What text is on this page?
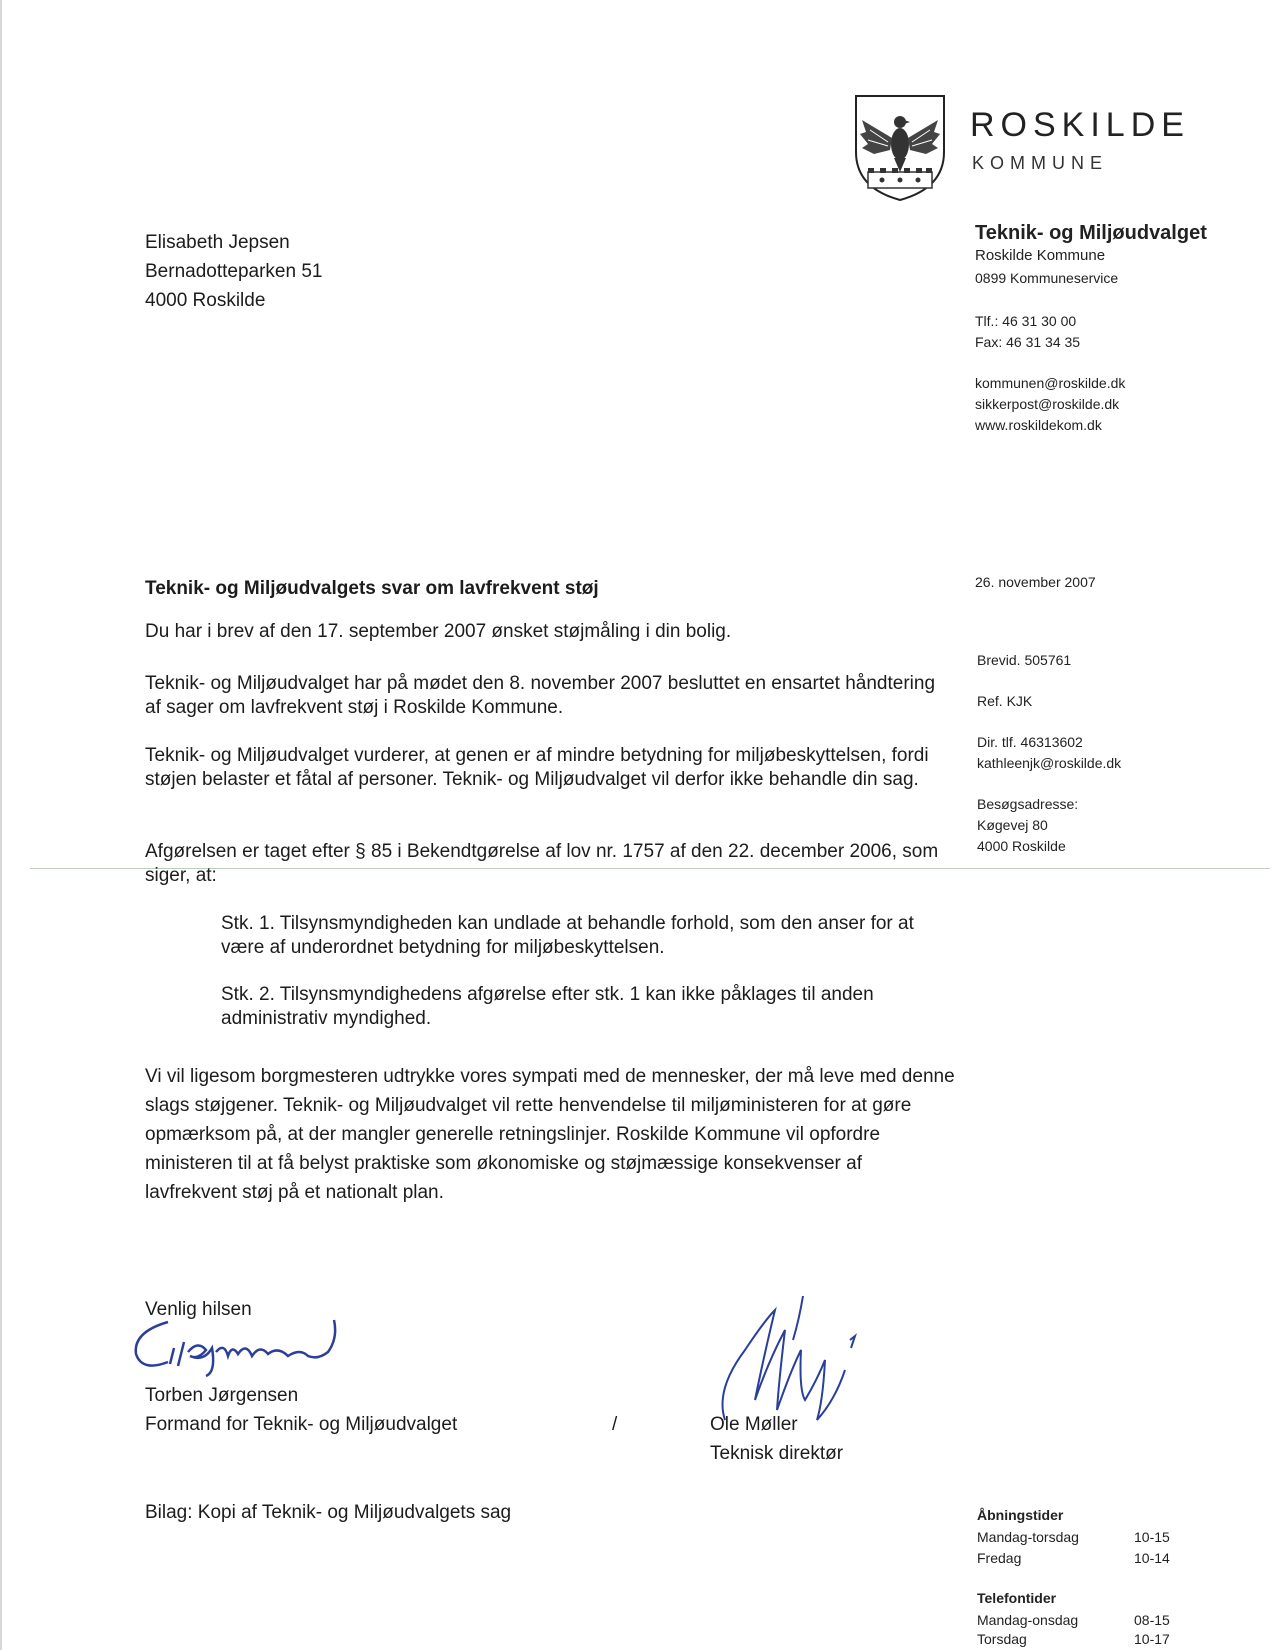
ROSKILDE
KOMMUNE
Elisabeth Jepsen
Bernadotteparken 51
4000 Roskilde
Teknik- og Miljøudvalget
Roskilde Kommune
0899 Kommuneservice
Tlf.: 46 31 30 00
Fax: 46 31 34 35
kommunen@roskilde.dk
sikkerpost@roskilde.dk
www.roskildekom.dk
26. november 2007
Brevid. 505761
Ref. KJK
Dir. tlf. 46313602
kathleenjk@roskilde.dk
Besøgsadresse:
Køgevej 80
4000 Roskilde
Teknik- og Miljøudvalgets svar om lavfrekvent støj
Du har i brev af den 17. september 2007 ønsket støjmåling i din bolig.
Teknik- og Miljøudvalget har på mødet den 8. november 2007 besluttet en ensartet håndtering af sager om lavfrekvent støj i Roskilde Kommune.
Teknik- og Miljøudvalget vurderer, at genen er af mindre betydning for miljøbeskyttelsen, fordi støjen belaster et fåtal af personer. Teknik- og Miljøudvalget vil derfor ikke behandle din sag.
Afgørelsen er taget efter § 85 i Bekendtgørelse af lov nr. 1757 af den 22. december 2006, som siger, at:
Stk. 1. Tilsynsmyndigheden kan undlade at behandle forhold, som den anser for at være af underordnet betydning for miljøbeskyttelsen.
Stk. 2. Tilsynsmyndighedens afgørelse efter stk. 1 kan ikke påklages til anden administrativ myndighed.
Vi vil ligesom borgmesteren udtrykke vores sympati med de mennesker, der må leve med denne slags støjgener. Teknik- og Miljøudvalget vil rette henvendelse til miljøministeren for at gøre opmærksom på, at der mangler generelle retningslinjer. Roskilde Kommune vil opfordre ministeren til at få belyst praktiske som økonomiske og støjmæssige konsekvenser af lavfrekvent støj på et nationalt plan.
Venlig hilsen
Torben Jørgensen
Formand for Teknik- og Miljøudvalget	/	Ole Møller
Teknisk direktør
Bilag: Kopi af Teknik- og Miljøudvalgets sag	Åbningstider
Mandag-torsdag	10-15
Fredag	10-14
Telefontider
Mandag-onsdag	08-15
Torsdag	10-17
